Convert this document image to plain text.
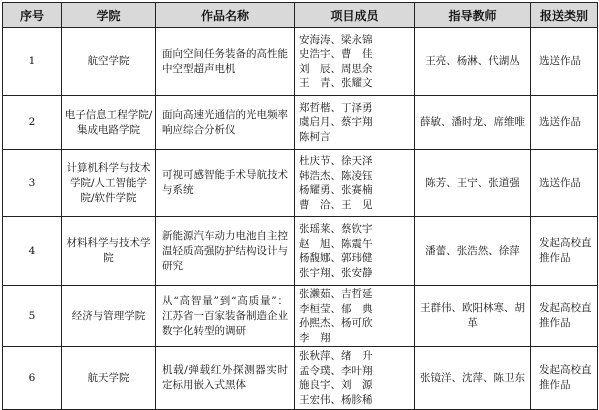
序号	学院	作品名称	项目成员	指导教师	报送类别
1	航空学院	面向空间任务装备的高性能中空型超声电机	安海涛、梁永锦
史浩宇、曹　佳
刘　辰、周思余
王　青、张耀文	王亮、杨淋、代湖丛	选送作品
2	电子信息工程学院/集成电路学院	面向高速光通信的光电频率响应综合分析仪	郑哲楷、丁泽勇
虞启月、蔡宇翔
陈柯言	薛敏、潘时龙、席维唯	选送作品
3	计算机科学与技术学院/人工智能学院/软件学院	可视可感智能手术导航技术与系统	杜庆节、徐天泽
韩浩杰、陈凌钰
杨耀勇、张赛楠
曹　洽、王　见	陈芳、王宁、张道强	选送作品
4	材料科学与技术学院	新能源汽车动力电池自主控温轻质高强防护结构设计与研究	张瑶莱、蔡钦宇
赵　旭、陈震午
杨馥娜、郭玮健
张宇翔、张安静	潘蕾、张浩然、徐萍	发起高校直推作品
5	经济与管理学院	从“高智量”到“高质量”：江苏省一百家装备制造企业数字化转型的调研	张濑茹、吉哲延
李桓莹、郁　典
孙熙杰、杨可欣
李　翔	王群伟、欧阳林寒、胡革	发起高校直推作品
6	航天学院	机载/弹载红外探测器实时定标用嵌入式黑体	张秋萍、绪　升
孟令璞、李叶翔
施良宇、刘　源
王宏伟、杨胗稀	张镜洋、沈萍、陈卫东	发起高校直推作品
